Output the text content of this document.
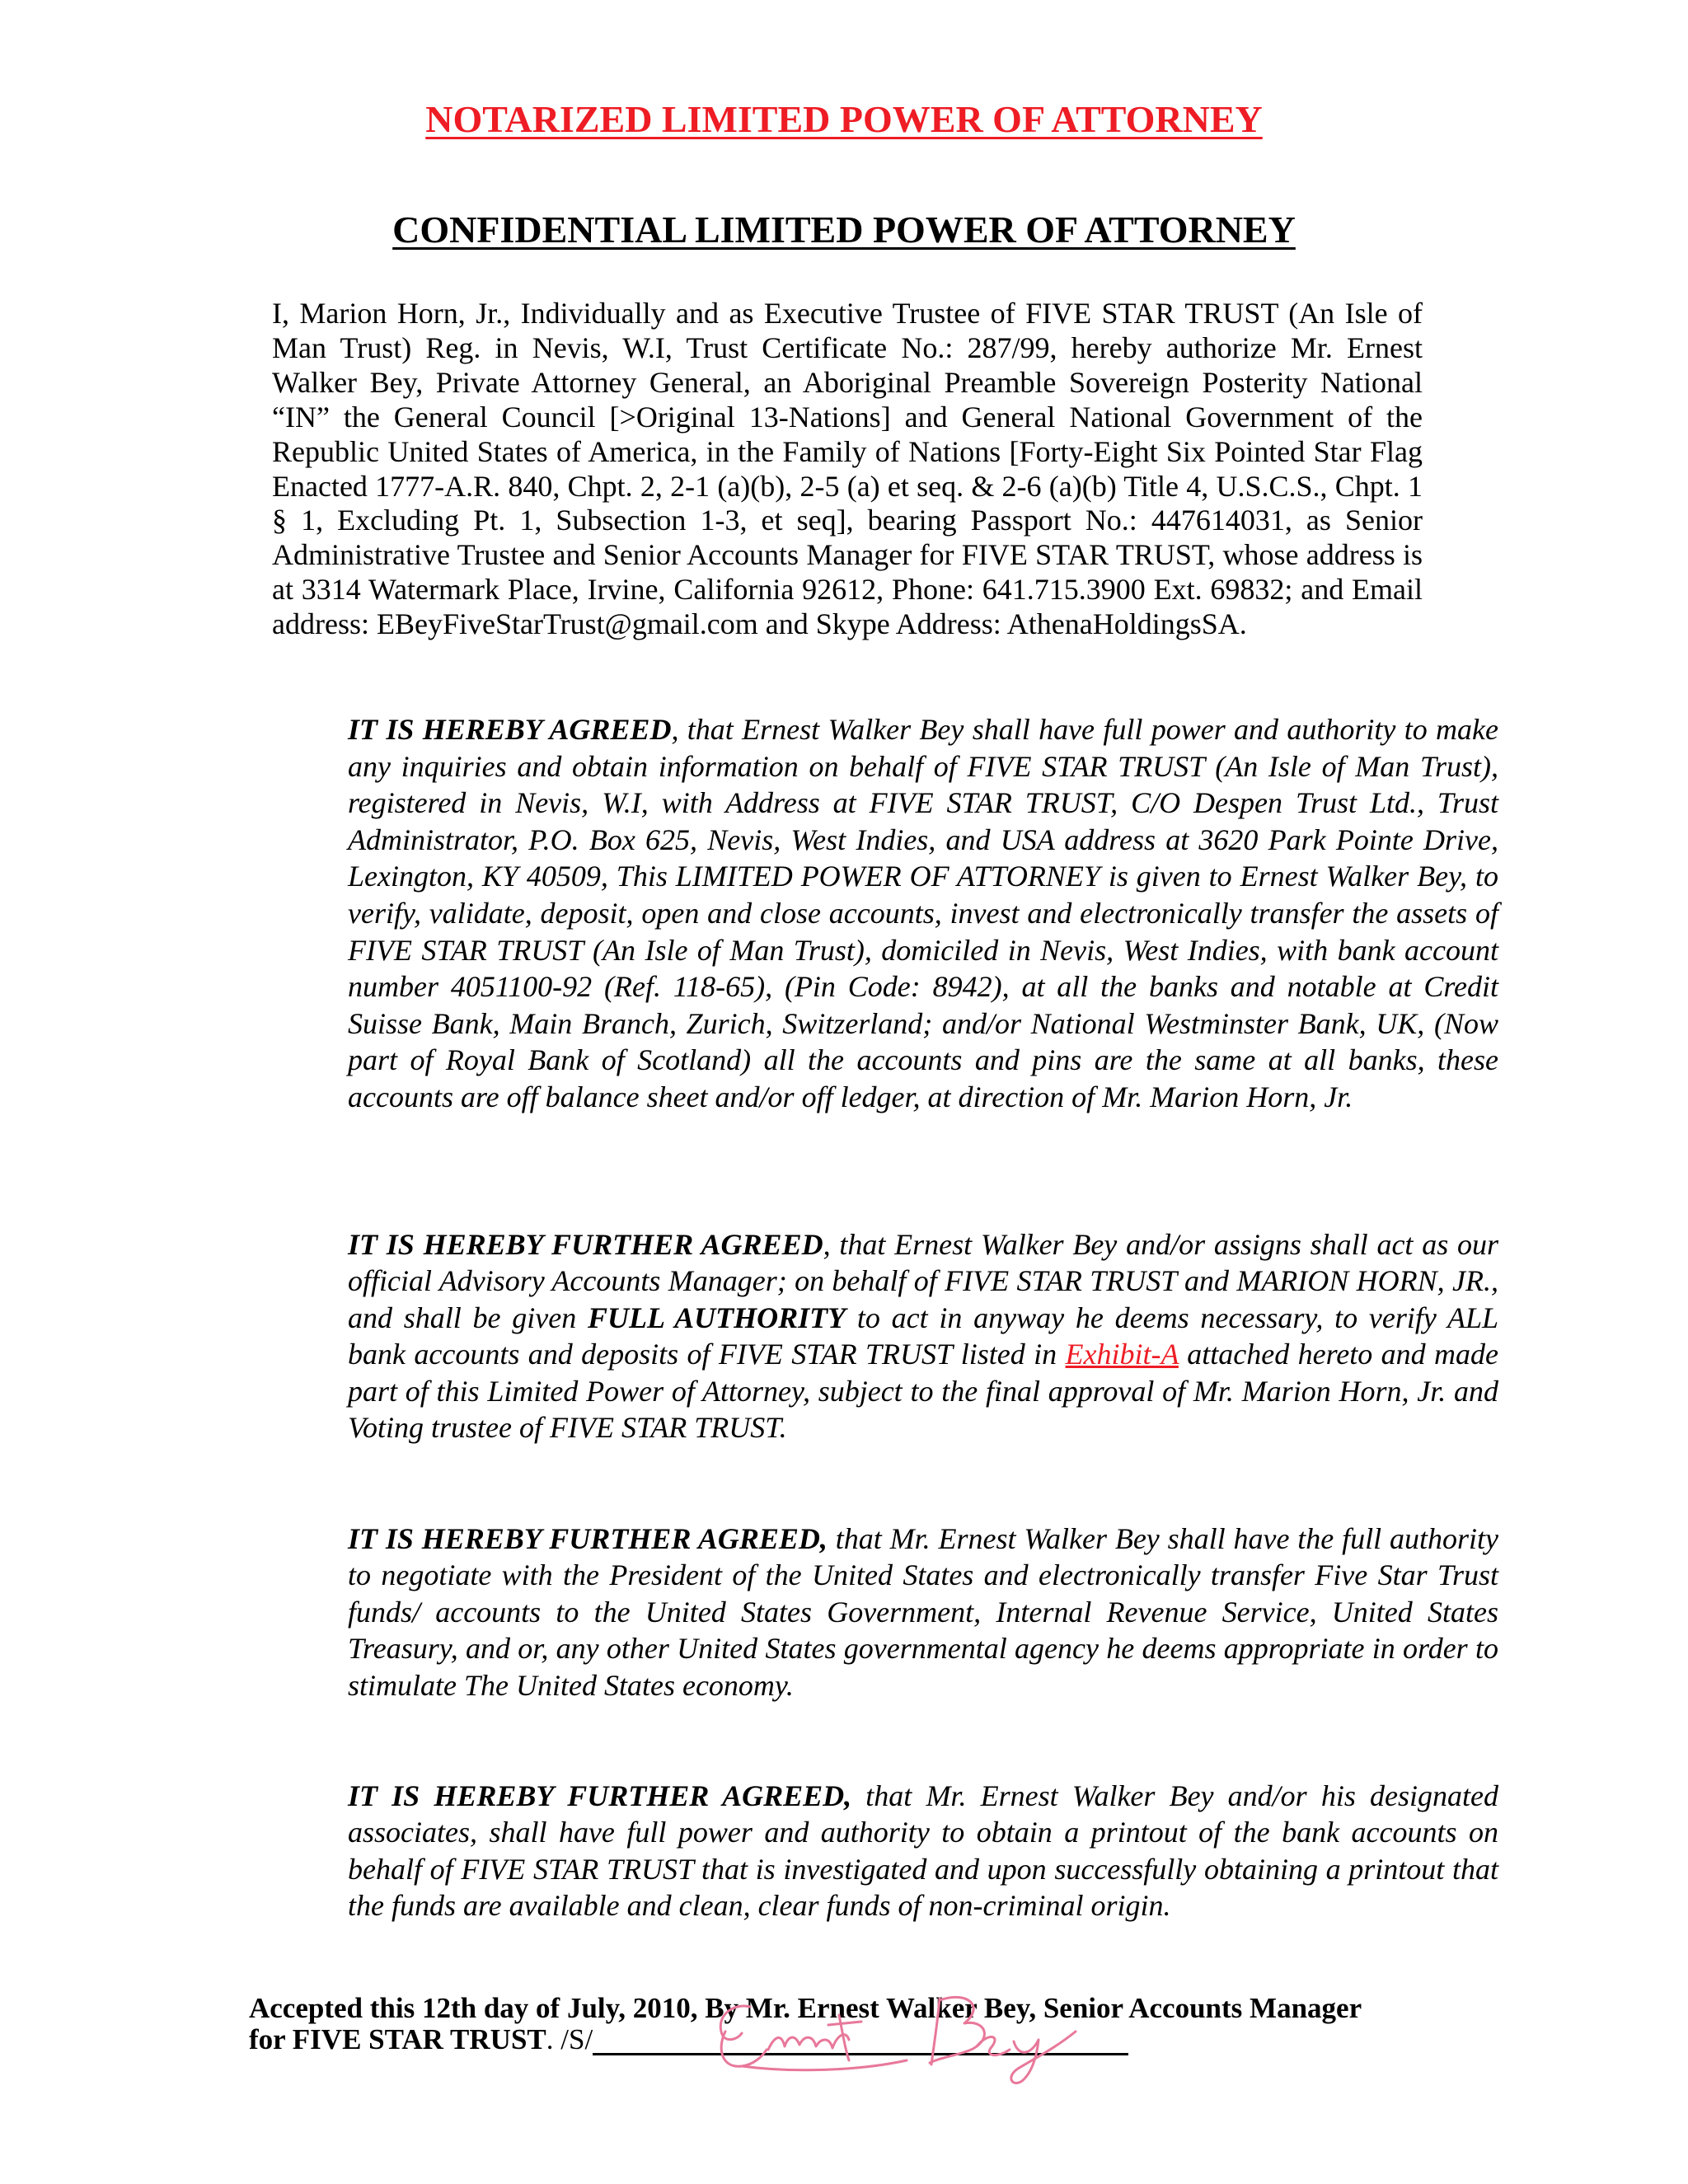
NOTARIZED LIMITED POWER OF ATTORNEY
CONFIDENTIAL LIMITED POWER OF ATTORNEY

I, Marion Horn, Jr., Individually and as Executive Trustee of FIVE STAR TRUST (An Isle of Man Trust) Reg. in Nevis, W.I, Trust Certificate No.: 287/99, hereby authorize Mr. Ernest Walker Bey, Private Attorney General, an Aboriginal Preamble Sovereign Posterity National “IN” the General Council [>Original 13-Nations] and General National Government of the Republic United States of America, in the Family of Nations [Forty-Eight Six Pointed Star Flag Enacted 1777-A.R. 840, Chpt. 2, 2-1 (a)(b), 2-5 (a) et seq. & 2-6 (a)(b) Title 4, U.S.C.S., Chpt. 1 § 1, Excluding Pt. 1, Subsection 1-3, et seq], bearing Passport No.: 447614031, as Senior Administrative Trustee and Senior Accounts Manager for FIVE STAR TRUST, whose address is at 3314 Watermark Place, Irvine, California 92612, Phone: 641.715.3900 Ext. 69832; and Email address: EBeyFiveStarTrust@gmail.com and Skype Address: AthenaHoldingsSA.

IT IS HEREBY AGREED, that Ernest Walker Bey shall have full power and authority to make any inquiries and obtain information on behalf of FIVE STAR TRUST (An Isle of Man Trust), registered in Nevis, W.I, with Address at FIVE STAR TRUST, C/O Despen Trust Ltd., Trust Administrator, P.O. Box 625, Nevis, West Indies, and USA address at 3620 Park Pointe Drive, Lexington, KY 40509, This LIMITED POWER OF ATTORNEY is given to Ernest Walker Bey, to verify, validate, deposit, open and close accounts, invest and electronically transfer the assets of FIVE STAR TRUST (An Isle of Man Trust), domiciled in Nevis, West Indies, with bank account number 4051100-92 (Ref. 118-65), (Pin Code: 8942), at all the banks and notable at Credit Suisse Bank, Main Branch, Zurich, Switzerland; and/or National Westminster Bank, UK, (Now part of Royal Bank of Scotland) all the accounts and pins are the same at all banks, these accounts are off balance sheet and/or off ledger, at direction of Mr. Marion Horn, Jr.

IT IS HEREBY FURTHER AGREED, that Ernest Walker Bey and/or assigns shall act as our official Advisory Accounts Manager; on behalf of FIVE STAR TRUST and MARION HORN, JR., and shall be given FULL AUTHORITY to act in anyway he deems necessary, to verify ALL bank accounts and deposits of FIVE STAR TRUST listed in Exhibit-A attached hereto and made part of this Limited Power of Attorney, subject to the final approval of Mr. Marion Horn, Jr. and Voting trustee of FIVE STAR TRUST.

IT IS HEREBY FURTHER AGREED, that Mr. Ernest Walker Bey shall have the full authority to negotiate with the President of the United States and electronically transfer Five Star Trust funds/ accounts to the United States Government, Internal Revenue Service, United States Treasury, and or, any other United States governmental agency he deems appropriate in order to stimulate The United States economy.

IT IS HEREBY FURTHER AGREED, that Mr. Ernest Walker Bey and/or his designated associates, shall have full power and authority to obtain a printout of the bank accounts on behalf of FIVE STAR TRUST that is investigated and upon successfully obtaining a printout that the funds are available and clean, clear funds of non-criminal origin.

Accepted this 12th day of July, 2010, By Mr. Ernest Walker Bey, Senior Accounts Manager
for FIVE STAR TRUST . /S/
